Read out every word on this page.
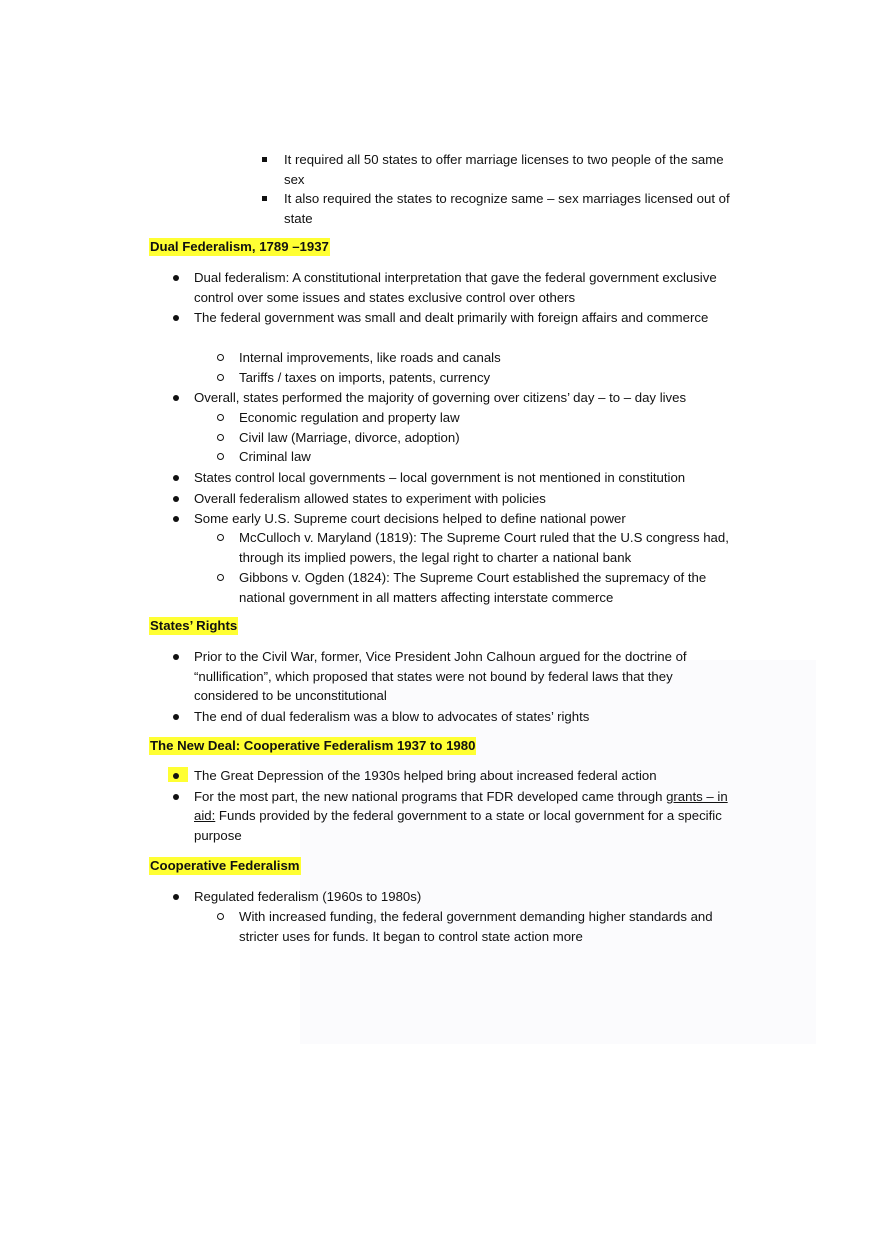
It required all 50 states to offer marriage licenses to two people of the same sex
It also required the states to recognize same – sex marriages licensed out of state
Dual Federalism, 1789 –1937
Dual federalism: A constitutional interpretation that gave the federal government exclusive control over some issues and states exclusive control over others
The federal government was small and dealt primarily with foreign affairs and commerce
Internal improvements, like roads and canals
Tariffs / taxes on imports, patents, currency
Overall, states performed the majority of governing over citizens’ day – to – day lives
Economic regulation and property law
Civil law (Marriage, divorce, adoption)
Criminal law
States control local governments – local government is not mentioned in constitution
Overall federalism allowed states to experiment with policies
Some early U.S. Supreme court decisions helped to define national power
McCulloch v. Maryland (1819): The Supreme Court ruled that the U.S congress had, through its implied powers, the legal right to charter a national bank
Gibbons v. Ogden (1824): The Supreme Court established the supremacy of the national government in all matters affecting interstate commerce
States’ Rights
Prior to the Civil War, former, Vice President John Calhoun argued for the doctrine of “nullification”, which proposed that states were not bound by federal laws that they considered to be unconstitutional
The end of dual federalism was a blow to advocates of states’ rights
The New Deal: Cooperative Federalism 1937 to 1980
The Great Depression of the 1930s helped bring about increased federal action
For the most part, the new national programs that FDR developed came through grants – in aid: Funds provided by the federal government to a state or local government for a specific purpose
Cooperative Federalism
Regulated federalism (1960s to 1980s)
With increased funding, the federal government demanding higher standards and stricter uses for funds. It began to control state action more
